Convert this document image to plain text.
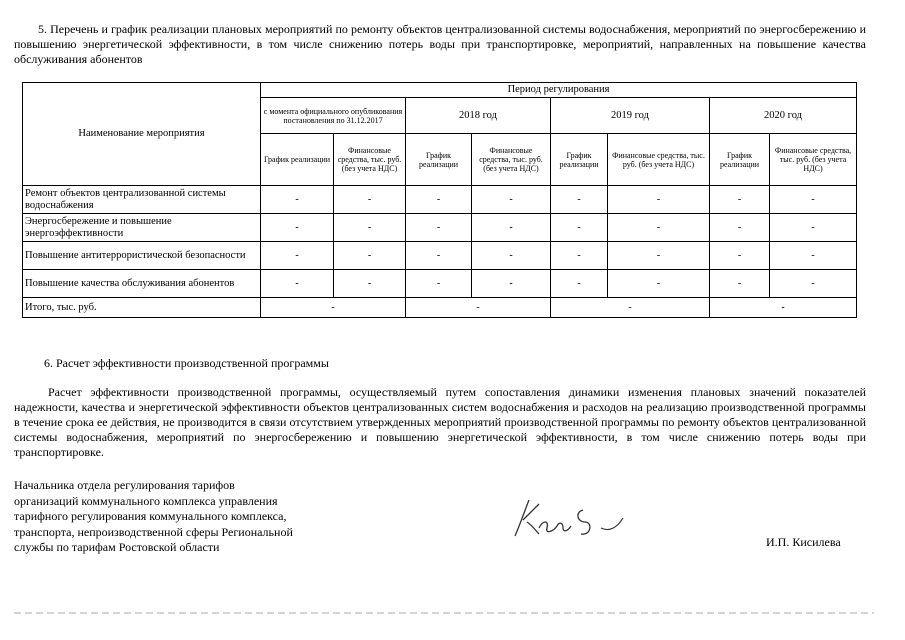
5. Перечень и график реализации плановых мероприятий по ремонту объектов централизованной системы водоснабжения, мероприятий по энергосбережению и повышению энергетической эффективности, в том числе снижению потерь воды при транспортировке, мероприятий, направленных на повышение качества обслуживания абонентов
Наименование мероприятия	Период регулирования							
	с момента официального опубликования постановления по 31.12.2017		2018 год		2019 год		2020 год	
	График реализации	Финансовые средства, тыс. руб. (без учета НДС)	График реализации	Финансовые средства, тыс. руб. (без учета НДС)	График реализации	Финансовые средства, тыс. руб. (без учета НДС)	График реализации	Финансовые средства, тыс. руб. (без учета НДС)
Ремонт объектов централизованной системы водоснабжения	-	-	-	-	-	-	-	-
Энергосбережение и повышение энергоэффективности	-	-	-	-	-	-	-	-
Повышение антитеррористической безопасности	-	-	-	-	-	-	-	-
Повышение качества обслуживания абонентов	-	-	-	-	-	-	-	-
Итого, тыс. руб.	-		-		-		-	
6. Расчет эффективности производственной программы
Расчет эффективности производственной программы, осуществляемый путем сопоставления динамики изменения плановых значений показателей надежности, качества и энергетической эффективности объектов централизованных систем водоснабжения и расходов на реализацию производственной программы в течение срока ее действия, не производится в связи отсутствием утвержденных мероприятий производственной программы по ремонту объектов централизованной системы водоснабжения, мероприятий по энергосбережению и повышению энергетической эффективности, в том числе снижению потерь воды при транспортировке.
Начальника отдела регулирования тарифов
организаций коммунального комплекса управления
тарифного регулирования коммунального комплекса,
транспорта, непроизводственной сферы Региональной
службы по тарифам Ростовской области	И.П. Кисилева
